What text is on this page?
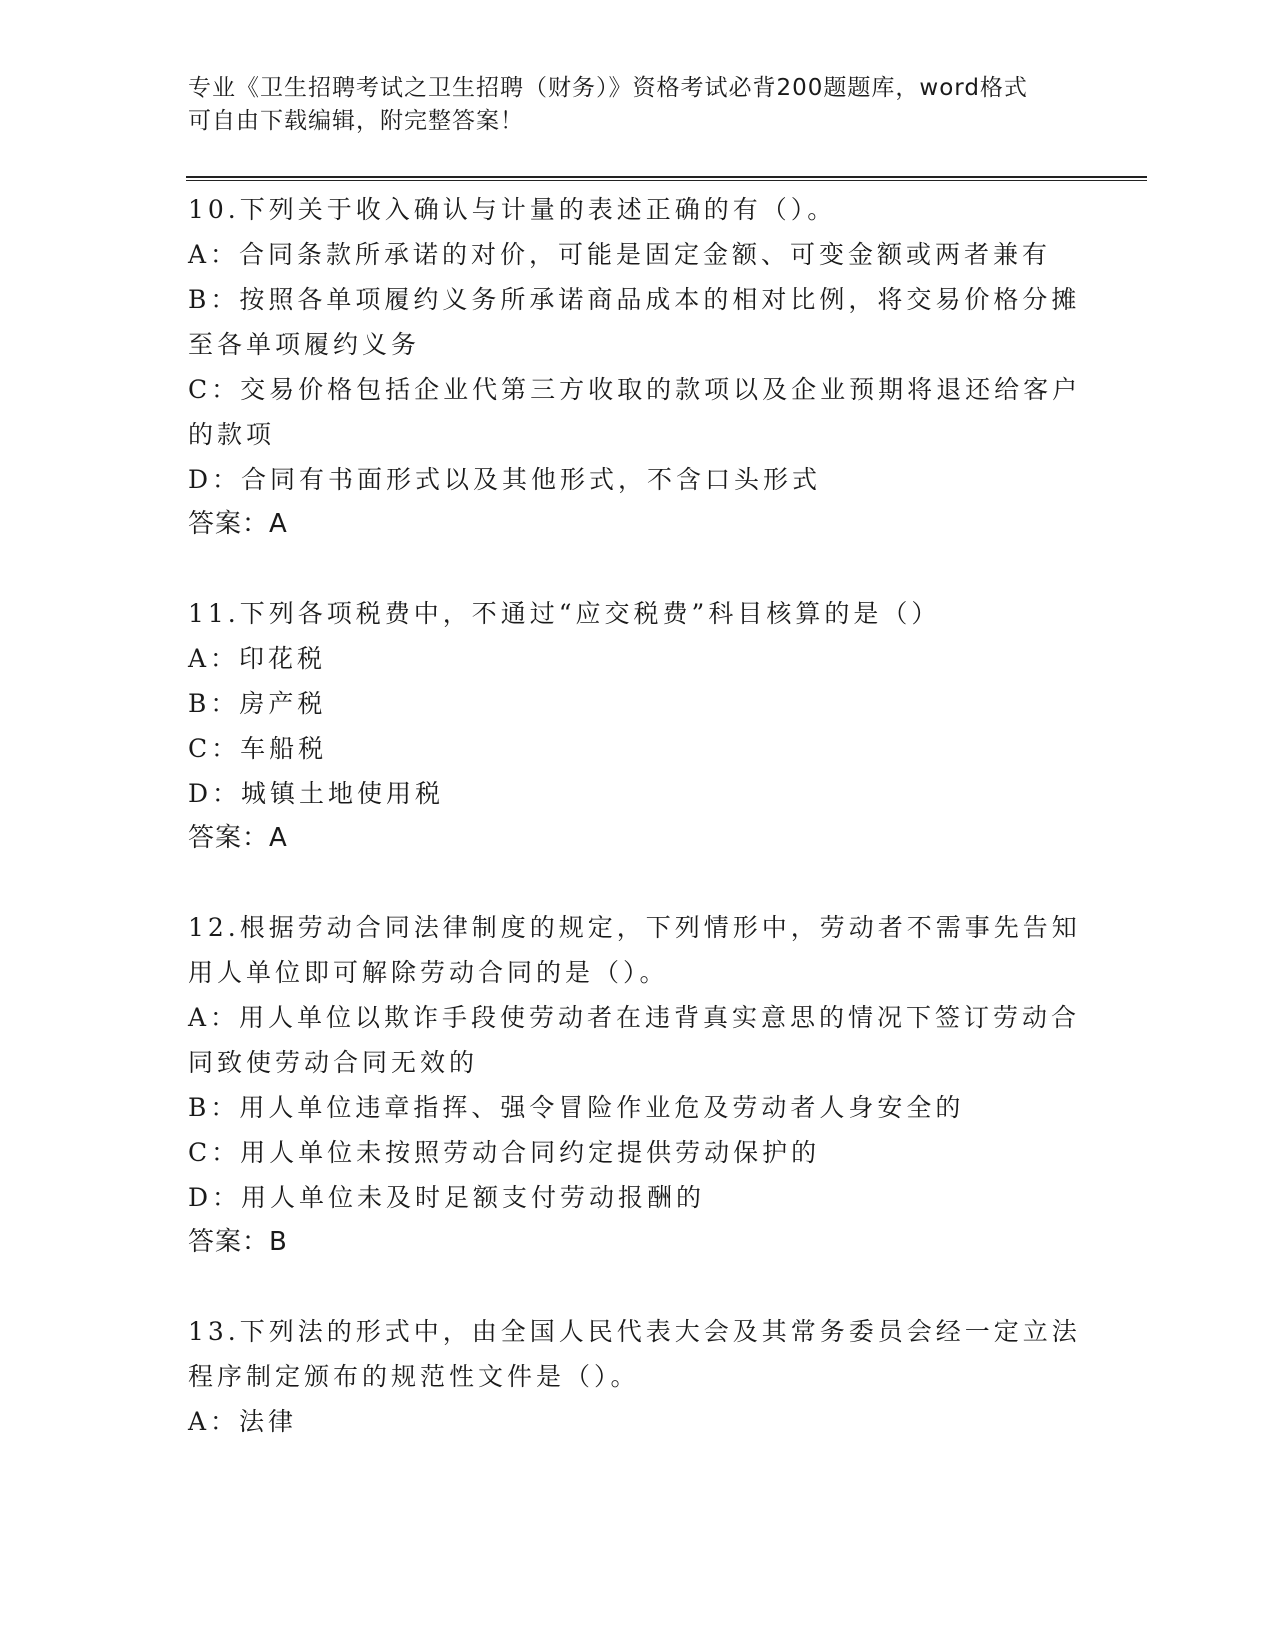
专业《卫生招聘考试之卫生招聘（财务）》资格考试必背200题题库，word格式
可自由下载编辑，附完整答案！

10.下列关于收入确认与计量的表述正确的有（）。

A：合同条款所承诺的对价，可能是固定金额、可变金额或两者兼有

B：按照各单项履约义务所承诺商品成本的相对比例，将交易价格分摊

至各单项履约义务

C：交易价格包括企业代第三方收取的款项以及企业预期将退还给客户

的款项

D：合同有书面形式以及其他形式，不含口头形式

答案：A

11.下列各项税费中，不通过“应交税费”科目核算的是（）

A：印花税

B：房产税

C：车船税

D：城镇土地使用税

答案：A

12.根据劳动合同法律制度的规定，下列情形中，劳动者不需事先告知

用人单位即可解除劳动合同的是（）。

A：用人单位以欺诈手段使劳动者在违背真实意思的情况下签订劳动合

同致使劳动合同无效的

B：用人单位违章指挥、强令冒险作业危及劳动者人身安全的

C：用人单位未按照劳动合同约定提供劳动保护的

D：用人单位未及时足额支付劳动报酬的

答案：B

13.下列法的形式中，由全国人民代表大会及其常务委员会经一定立法

程序制定颁布的规范性文件是（）。

A：法律
